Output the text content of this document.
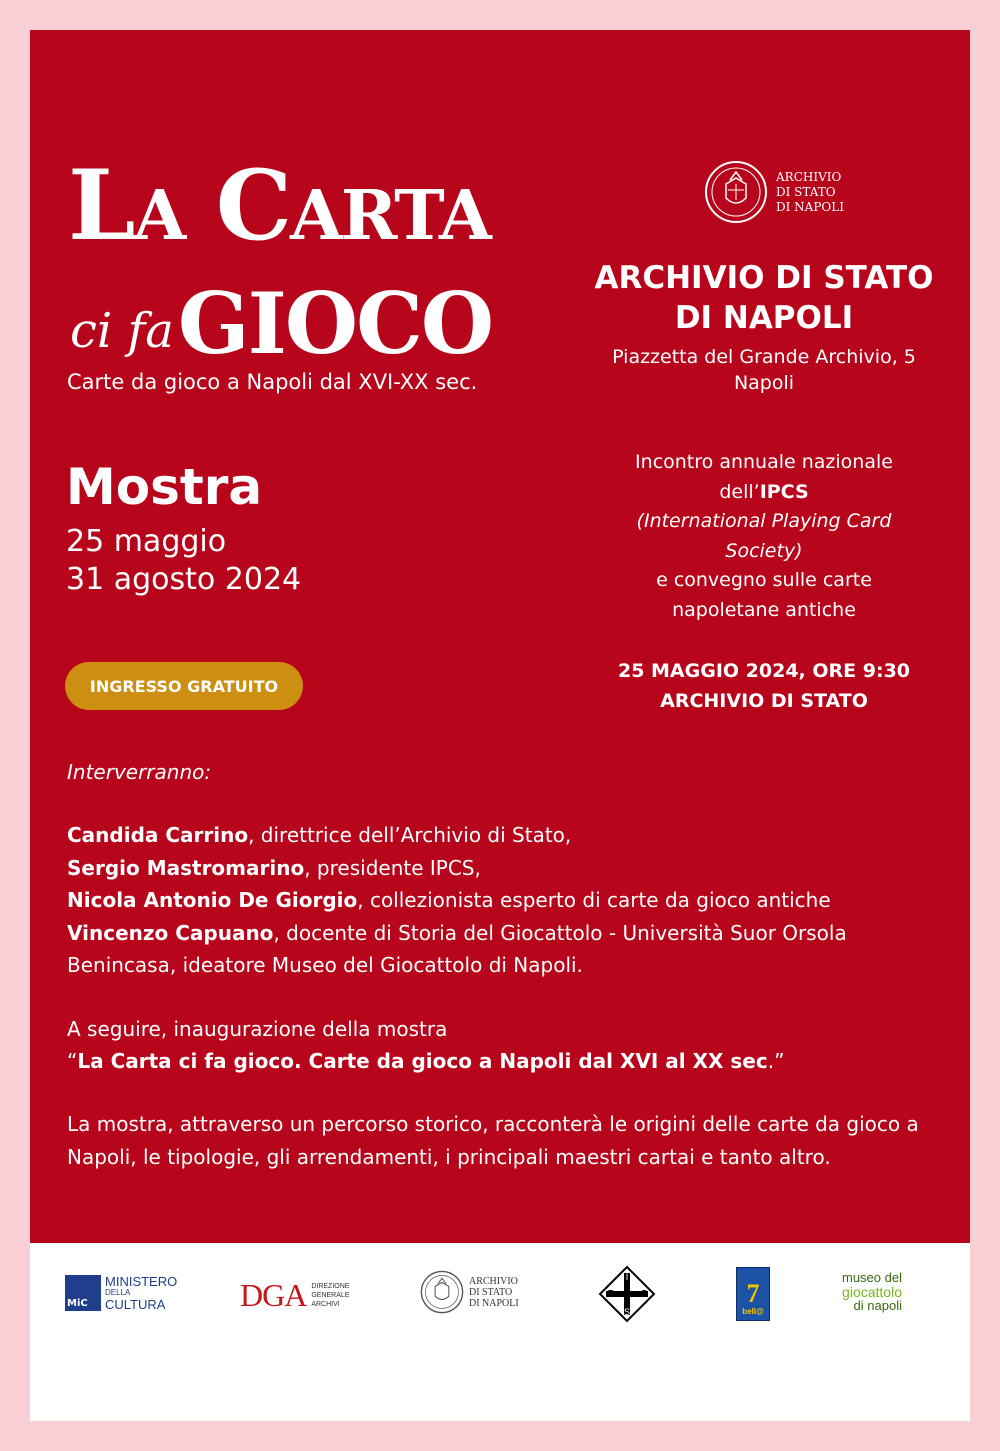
LA CARTA
ci faGIOCO
Carte da gioco a Napoli dal XVI-XX sec.
Mostra
25 maggio
31 agosto 2024
INGRESSO GRATUITO
ARCHIVIO
DI STATO
DI NAPOLI
ARCHIVIO DI STATO
DI NAPOLI
Piazzetta del Grande Archivio, 5
Napoli
Incontro annuale nazionale
dell’IPCS
(International Playing Card
Society)
e convegno sulle carte
napoletane antiche
25 MAGGIO 2024, ORE 9:30
ARCHIVIO DI STATO
Interverranno:

Candida Carrino, direttrice dell’Archivio di Stato,

Sergio Mastromarino, presidente IPCS,

Nicola Antonio De Giorgio, collezionista esperto di carte da gioco antiche

Vincenzo Capuano, docente di Storia del Giocattolo - Università Suor Orsola Benincasa, ideatore Museo del Giocattolo di Napoli.

A seguire, inaugurazione della mostra

“La Carta ci fa gioco. Carte da gioco a Napoli dal XVI al XX sec.”

La mostra, attraverso un percorso storico, racconterà le origini delle carte da gioco a Napoli, le tipologie, gli arrendamenti, i principali maestri cartai e tanto altro.
MiC
MINISTERO
DELLA
CULTURA	DGA DIREZIONE
GENERALE
ARCHIVI
ARCHIVIO
DI STATO
DI NAPOLI
I
P	C
S
7
bell@
museo del
giocattolo
di napoli
